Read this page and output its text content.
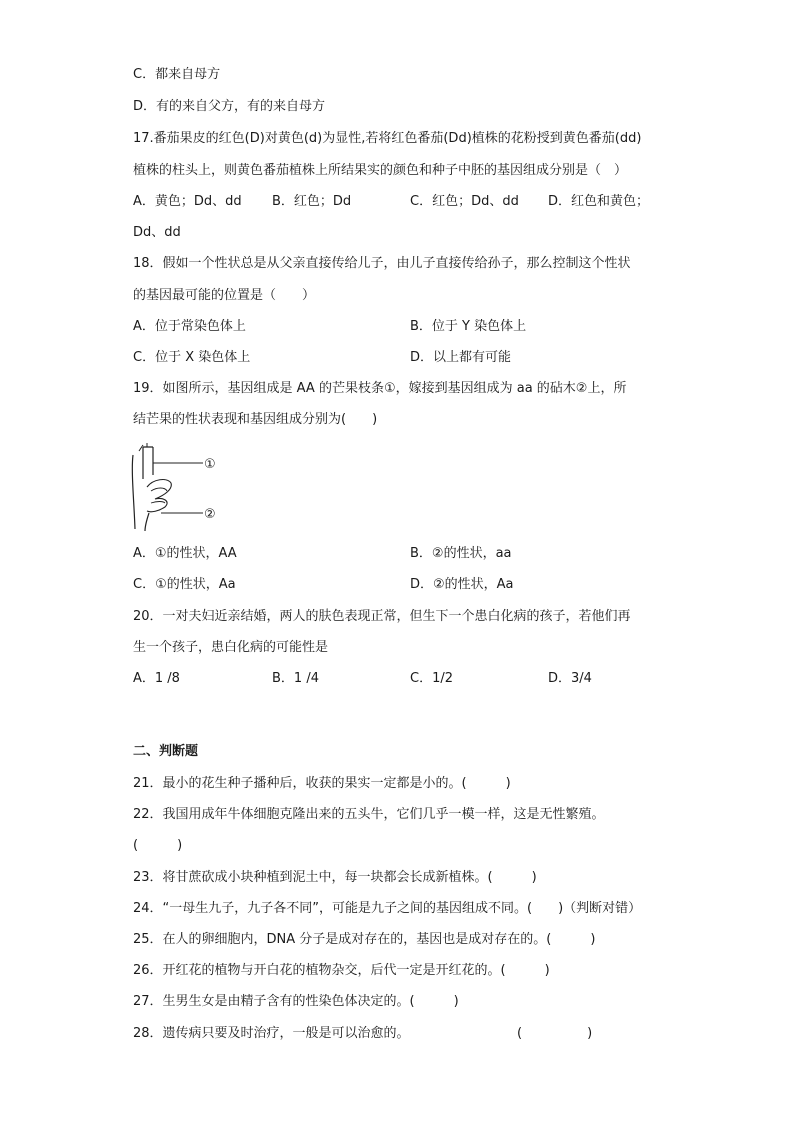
C．都来自母方
D．有的来自父方，有的来自母方
17.番茄果皮的红色(D)对黄色(d)为显性,若将红色番茄(Dd)植株的花粉授到黄色番茄(dd)
植株的柱头上，则黄色番茄植株上所结果实的颜色和种子中胚的基因组成分别是（　）
A．黄色；Dd、dd B．红色；Dd	C．红色；Dd、dd D．红色和黄色；
Dd、dd
18．假如一个性状总是从父亲直接传给儿子，由儿子直接传给孙子，那么控制这个性状
的基因最可能的位置是（　　）
A．位于常染色体上	B．位于 Y 染色体上
C．位于 X 染色体上	D．以上都有可能
19．如图所示，基因组成是 AA 的芒果枝条①，嫁接到基因组成为 aa 的砧木②上，所
结芒果的性状表现和基因组成分别为(　　)
①
②
A．①的性状，AA	B．②的性状，aa
C．①的性状，Aa	D．②的性状，Aa
20．一对夫妇近亲结婚，两人的肤色表现正常，但生下一个患白化病的孩子，若他们再
生一个孩子，患白化病的可能性是
A．1 /8	B．1 /4	C．1/2	D．3/4
二、判断题
21．最小的花生种子播种后，收获的果实一定都是小的。(　　　)
22．我国用成年牛体细胞克隆出来的五头牛，它们几乎一模一样，这是无性繁殖。
(　　　)
23．将甘蔗砍成小块种植到泥土中，每一块都会长成新植株。(　　　)
24．“一母生九子，九子各不同”，可能是九子之间的基因组成不同。(　　)（判断对错）
25．在人的卵细胞内，DNA 分子是成对存在的，基因也是成对存在的。(　　　)
26．开红花的植物与开白花的植物杂交，后代一定是开红花的。(　　　)
27．生男生女是由精子含有的性染色体决定的。(　　　)
28．遗传病只要及时治疗，一般是可以治愈的。	(　　　　　)
